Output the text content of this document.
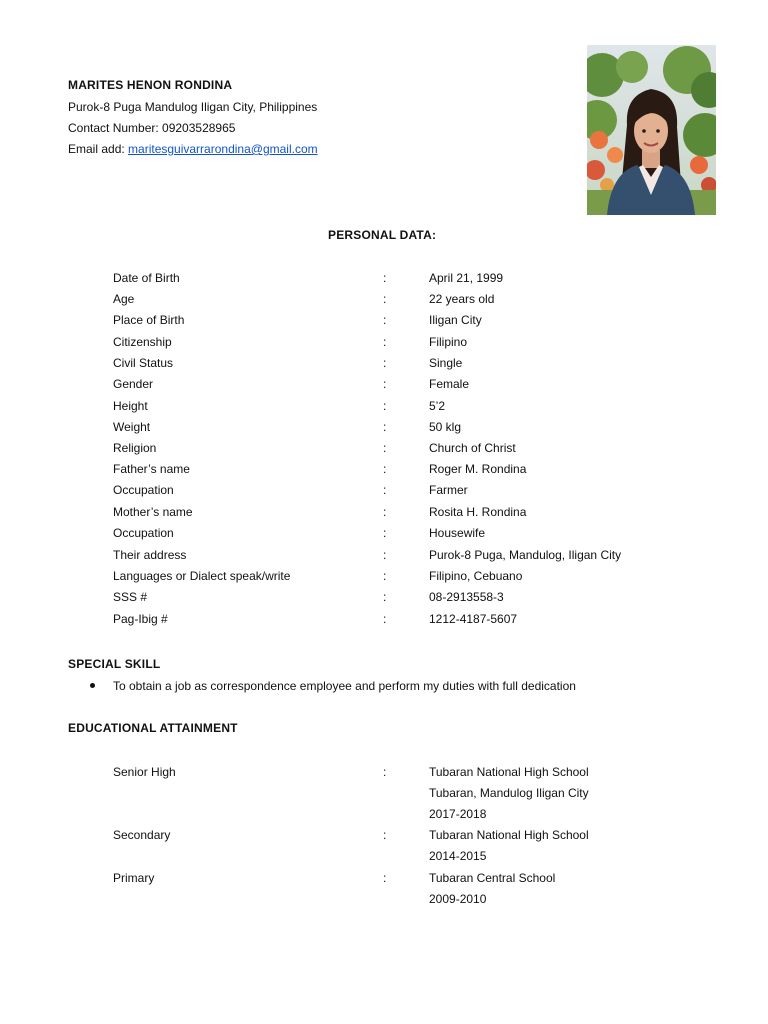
MARITES HENON RONDINA
Purok-8 Puga Mandulog Iligan City, Philippines
Contact Number: 09203528965
Email add: maritesguivarrarondina@gmail.com
PERSONAL DATA:
Date of Birth	:	April 21, 1999
Age	:	22 years old
Place of Birth	:	Iligan City
Citizenship	:	Filipino
Civil Status	:	Single
Gender	:	Female
Height	:	5’2
Weight	:	50 klg
Religion	:	Church of Christ
Father’s name	:	Roger M. Rondina
Occupation	:	Farmer
Mother’s name	:	Rosita H. Rondina
Occupation	:	Housewife
Their address	:	Purok-8 Puga, Mandulog, Iligan City
Languages or Dialect speak/write	:	Filipino, Cebuano
SSS #	:	08-2913558-3
Pag-Ibig #	:	1212-4187-5607
SPECIAL SKILL
To obtain a job as correspondence employee and perform my duties with full dedication
EDUCATIONAL ATTAINMENT
Senior High	:	Tubaran National High School
Tubaran, Mandulog Iligan City
2017-2018
Secondary	:	Tubaran National High School
2014-2015
Primary	:	Tubaran Central School
2009-2010
